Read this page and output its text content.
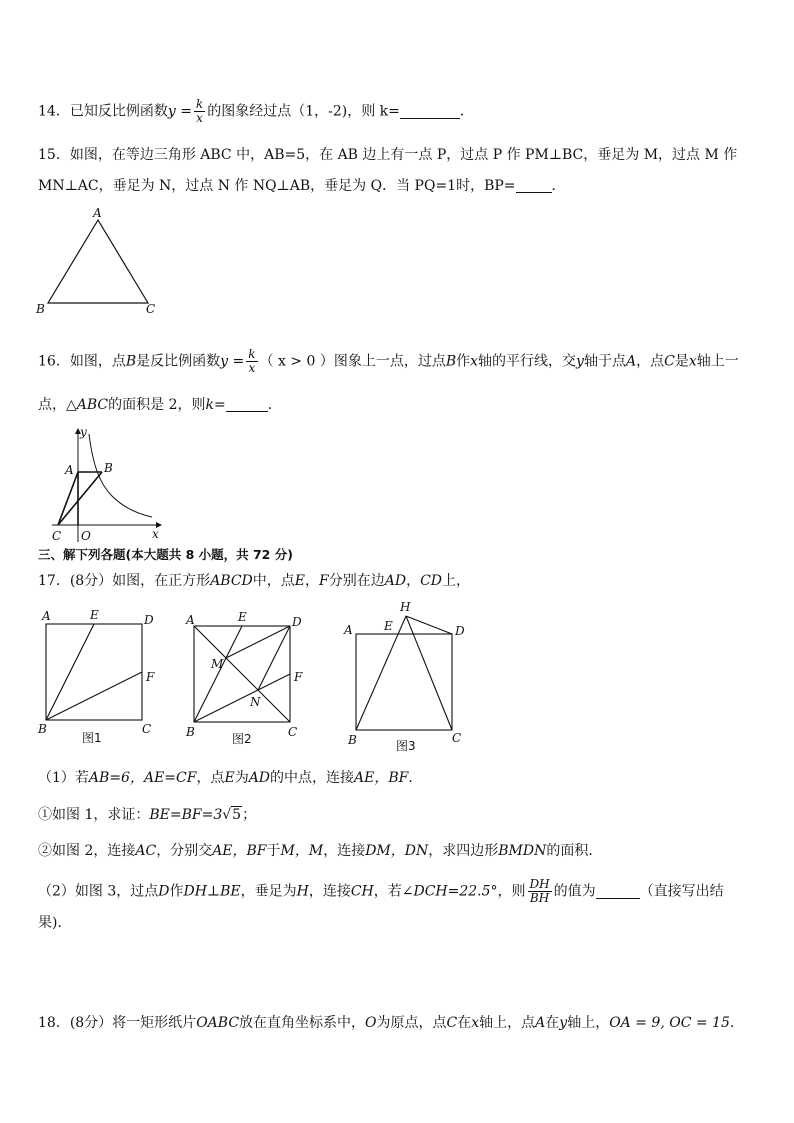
14．已知反比例函数$y = \frac{k}{x}$ 的图象经过点（1，-2)，则 k=	．
15．如图，在等边三角形 ABC 中，AB=5，在 AB 边上有一点 P，过点 P 作 PM⊥BC，垂足为 M，过点 M 作
MN⊥AC，垂足为 N，过点 N 作 NQ⊥AB，垂足为 Q．当 PQ=1时，BP=	．
A
B	C
16．如图，点B是反比例函数$y = \frac{k}{x}$ （ x > 0 ）图象上一点，过点B作x轴的平行线，交y轴于点A，点C是x轴上一
点，△ABC的面积是 2，则k=	．
y
A	B
C O	x
三、解下列各题(本大题共 8 小题，共 72 分)
17．(8分）如图，在正方形ABCD中，点E，F分别在边AD，CD上，
A	E	D
F
B	C
图1
A	E	D
M
F
N
B	C
图2
H
A	E	D
B	C
图3
（1）若AB=6，AE=CF，点E为AD的中点，连接AE，BF．
①如图 1，求证：BE=BF=3√5；
②如图 2，连接AC，分别交AE，BF于M，M，连接DM，DN，求四边形BMDN的面积．
（2）如图 3，过点D作DH⊥BE，垂足为H，连接CH，若∠DCH=22.5°，则 $\frac{DH}{BH}$ 的值为	（直接写出结
果)．
18．(8分）将一矩形纸片OABC放在直角坐标系中，O为原点，点C在x轴上，点A在y轴上，OA = 9, OC = 15.
